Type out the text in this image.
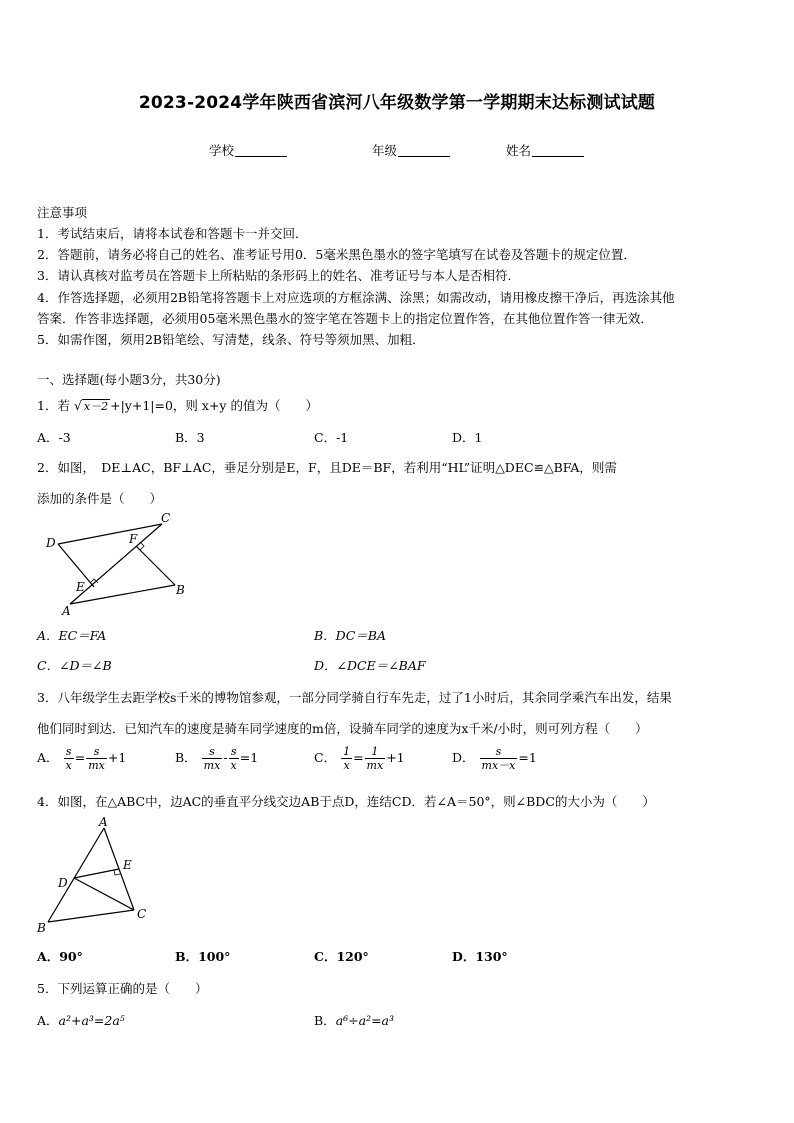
2023-2024学年陕西省滨河八年级数学第一学期期末达标测试试题
学校	年级	姓名
注意事项
1．考试结束后，请将本试卷和答题卡一并交回．
2．答题前，请务必将自己的姓名、准考证号用0．5毫米黑色墨水的签字笔填写在试卷及答题卡的规定位置．
3．请认真核对监考员在答题卡上所粘贴的条形码上的姓名、准考证号与本人是否相符．
4．作答选择题，必须用2B铅笔将答题卡上对应选项的方框涂满、涂黑；如需改动，请用橡皮擦干净后，再选涂其他
答案．作答非选择题，必须用05毫米黑色墨水的签字笔在答题卡上的指定位置作答，在其他位置作答一律无效．
5．如需作图，须用2B铅笔绘、写清楚，线条、符号等须加黑、加粗．
一、选择题(每小题3分，共30分)
1．若 √ x－2 +|y+1|=0，则 x+y 的值为（　　）
A．-3	B．3	C．-1	D．1
2．如图，　DE⊥AC，BF⊥AC，垂足分别是E，F，且DE＝BF，若利用“HL”证明△DEC≌△BFA，则需
添加的条件是（　　）
C
D	F
E	B
A
A．EC＝FA	B．DC＝BA
C．∠D＝∠B	D．∠DCE＝∠BAF
3．八年级学生去距学校s千米的博物馆参观，一部分同学骑自行车先走，过了1小时后，其余同学乘汽车出发，结果
他们同时到达．已知汽车的速度是骑车同学速度的m倍，设骑车同学的速度为x千米/小时，则可列方程（　　）
A． $\frac{s}{x} = \frac{s}{mx} +1$	B． $\frac{s}{mx} - \frac{s}{x} =1$	C． $\frac{1}{x} = \frac{1}{mx} +1$	D． $\frac{s}{mx-x} =1$
4．如图，在△ABC中，边AC的垂直平分线交边AB于点D，连结CD．若∠A＝50°，则∠BDC的大小为（　　）
A
E
D
C
B
A．90°	B．100°	C．120°	D．130°
5．下列运算正确的是（　　）
A．a²+a³=2a⁵	B．a⁶÷a²=a³
